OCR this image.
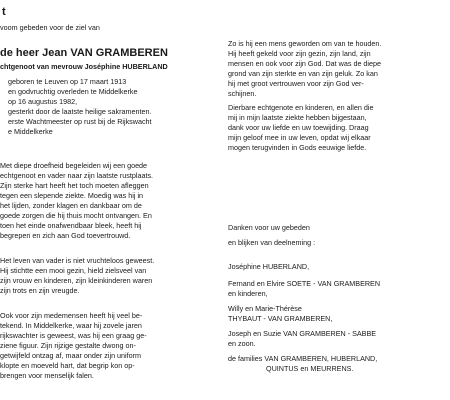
t
voom gebeden voor de ziel van
de heer Jean VAN GRAMBEREN
chtgenoot van mevrouw Joséphine HUBERLAND
geboren te Leuven op 17 maart 1913
en godvruchtig overleden te Middelkerke
op 16 augustus 1982,
gesterkt door de laatste heilige sakramenten.
erste Wachtmeester op rust bij de Rijkswacht
e Middelkerke
Met diepe droefheid begeleiden wij een goede
echtgenoot en vader naar zijn laatste rustplaats.
Zijn sterke hart heeft het toch moeten afleggen
tegen een slepende ziekte. Moedig was hij in
het lijden, zonder klagen en dankbaar om de
goede zorgen die hij thuis mocht ontvangen. En
toen het einde onafwendbaar bleek, heeft hij
begrepen en zich aan God toevertrouwd.
Het leven van vader is niet vruchteloos geweest.
Hij stichtte een mooi gezin, hield zielsveel van
zijn vrouw en kinderen, zijn kleinkinderen waren
zijn trots en zijn vreugde.
Ook voor zijn medemensen heeft hij veel be-
tekend. In Middelkerke, waar hij zovele jaren
rijkswachter is geweest, was hij een graag ge-
ziene figuur. Zijn rijzige gestalte dwong on-
getwijfeld ontzag af, maar onder zijn uniform
klopte en moeveld hart, dat begrip kon op-
brengen voor menselijk falen.
Zo is hij een mens geworden om van te houden.
Hij heeft gekeld voor zijn gezin, zijn land, zijn
mensen en ook voor zijn God. Dat was de diepe
grond van zijn sterkte en van zijn geluk. Zo kan
hij met groot vertrouwen voor zijn God ver-
schijnen.
Dierbare echtgenote en kinderen, en allen die
mij in mijn laatste ziekte hebben bijgestaan,
dank voor uw liefde en uw toewijding. Draag
mijn geloof mee in uw leven, opdat wij elkaar
mogen terugvinden in Gods eeuwige liefde.
Danken voor uw gebeden
en blijken van deelneming :
Joséphine HUBERLAND,
Fernand en Elvire SOETE - VAN GRAMBEREN
en kinderen,
Willy en Marie-Thérèse
THYBAUT - VAN GRAMBEREN,
Joseph en Suzie VAN GRAMBEREN - SABBE
en zoon.
de families VAN GRAMBEREN, HUBERLAND,
QUINTUS en MEURRENS.
